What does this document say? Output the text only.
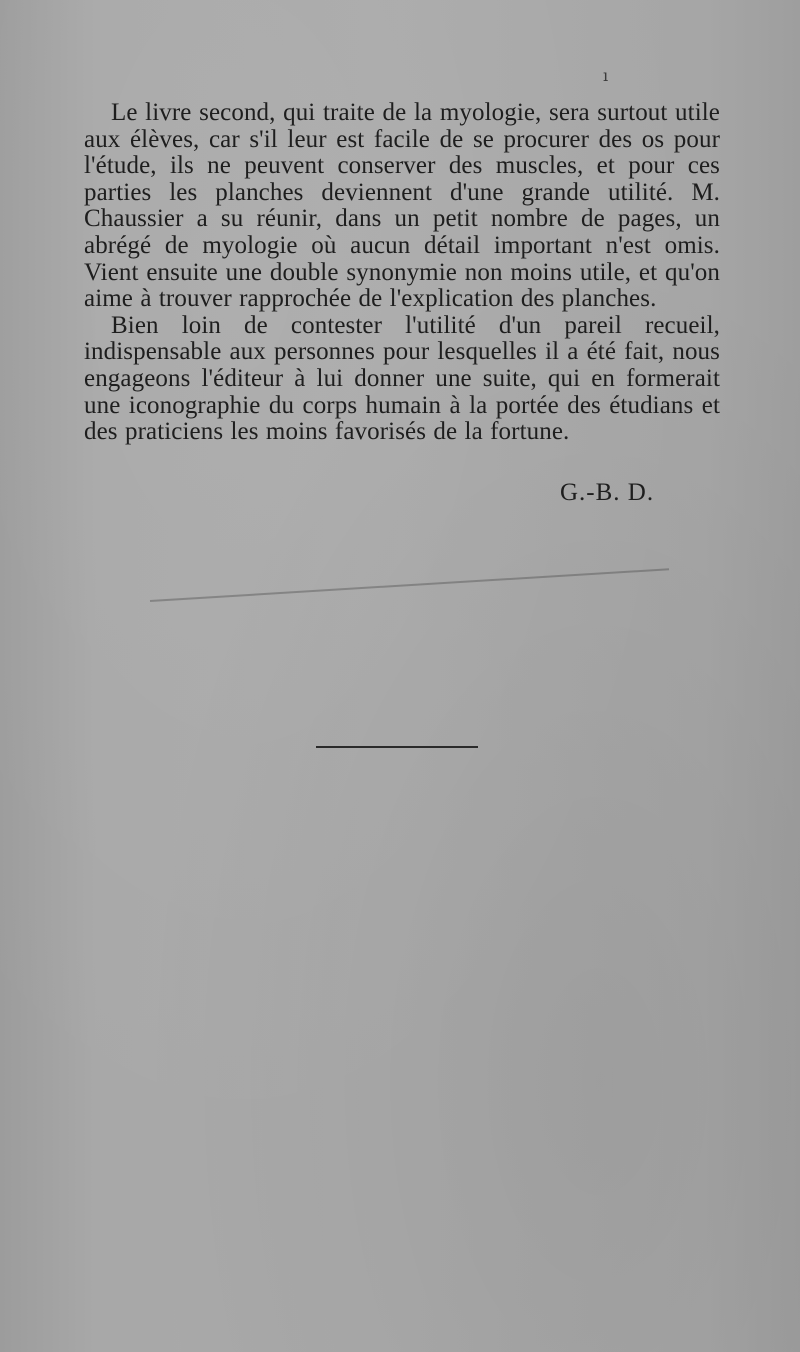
ı

Le livre second, qui traite de la myologie, sera surtout utile aux élèves, car s'il leur est facile de se procurer des os pour l'étude, ils ne peuvent conserver des muscles, et pour ces parties les planches deviennent d'une grande utilité. M. Chaussier a su réunir, dans un petit nombre de pages, un abrégé de myologie où aucun détail important n'est omis. Vient ensuite une double synonymie non moins utile, et qu'on aime à trouver rapprochée de l'explication des planches.

Bien loin de contester l'utilité d'un pareil recueil, indispensable aux personnes pour lesquelles il a été fait, nous engageons l'éditeur à lui donner une suite, qui en formerait une iconographie du corps humain à la portée des étudians et des praticiens les moins favorisés de la fortune.

G.-B. D.
